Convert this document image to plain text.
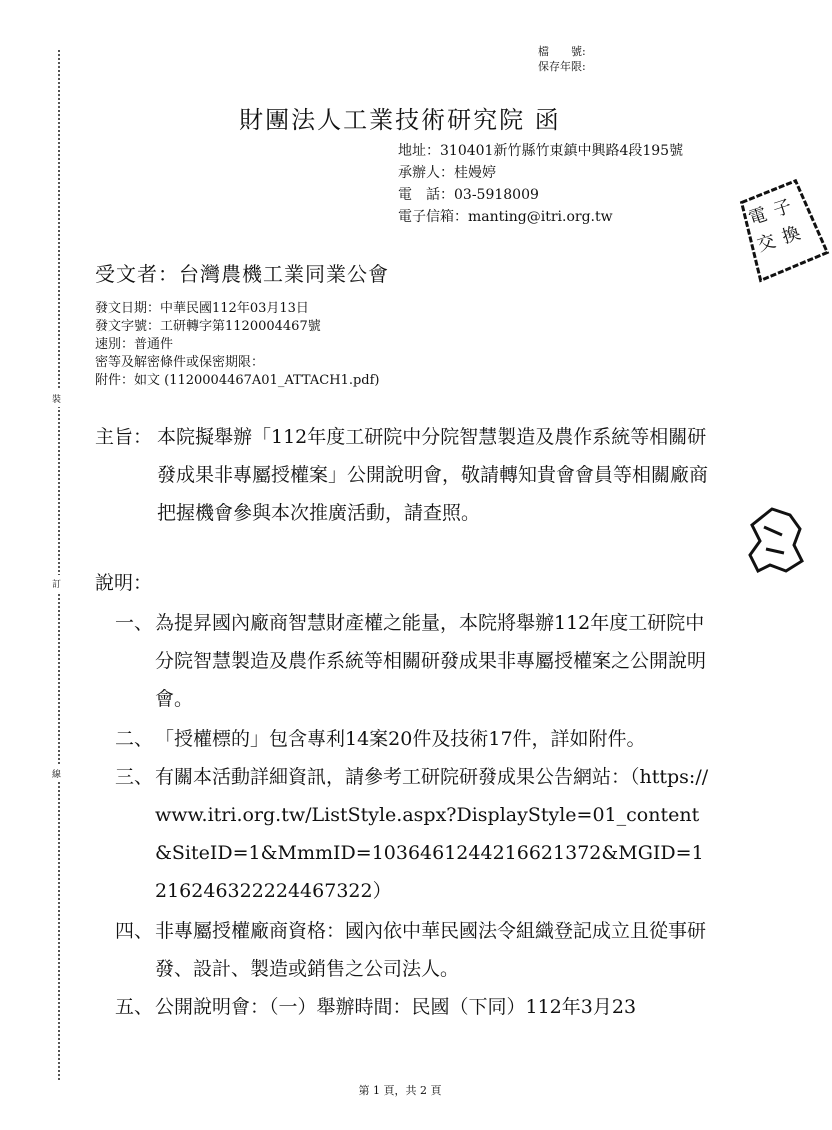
裝
訂
線
檔　　號:
保存年限:
財團法人工業技術研究院 函
地址：310401新竹縣竹東鎮中興路4段195號
承辦人：桂嫚婷
電　話：03-5918009
電子信箱：manting@itri.org.tw	電 子
交 換
受文者：台灣農機工業同業公會
發文日期：中華民國112年03月13日
發文字號：工研轉字第1120004467號
速別：普通件
密等及解密條件或保密期限：
附件：如文 (1120004467A01_ATTACH1.pdf)
主旨： 本院擬舉辦「112年度工研院中分院智慧製造及農作系統等相關研發成果非專屬授權案」公開說明會，敬請轉知貴會會員等相關廠商把握機會參與本次推廣活動，請查照。
說明：
一、 為提昇國內廠商智慧財產權之能量，本院將舉辦112年度工研院中分院智慧製造及農作系統等相關研發成果非專屬授權案之公開說明會。
二、 「授權標的」包含專利14案20件及技術17件，詳如附件。
三、 有關本活動詳細資訊，請參考工研院研發成果公告網站：（https://www.itri.org.tw/ListStyle.aspx?DisplayStyle=01_content&SiteID=1&MmmID=1036461244216621372&MGID=1216246322224467322）
四、 非專屬授權廠商資格：國內依中華民國法令組織登記成立且從事研發、設計、製造或銷售之公司法人。
五、 公開說明會：（一）舉辦時間：民國（下同）112年3月23
第 1 頁，共 2 頁
